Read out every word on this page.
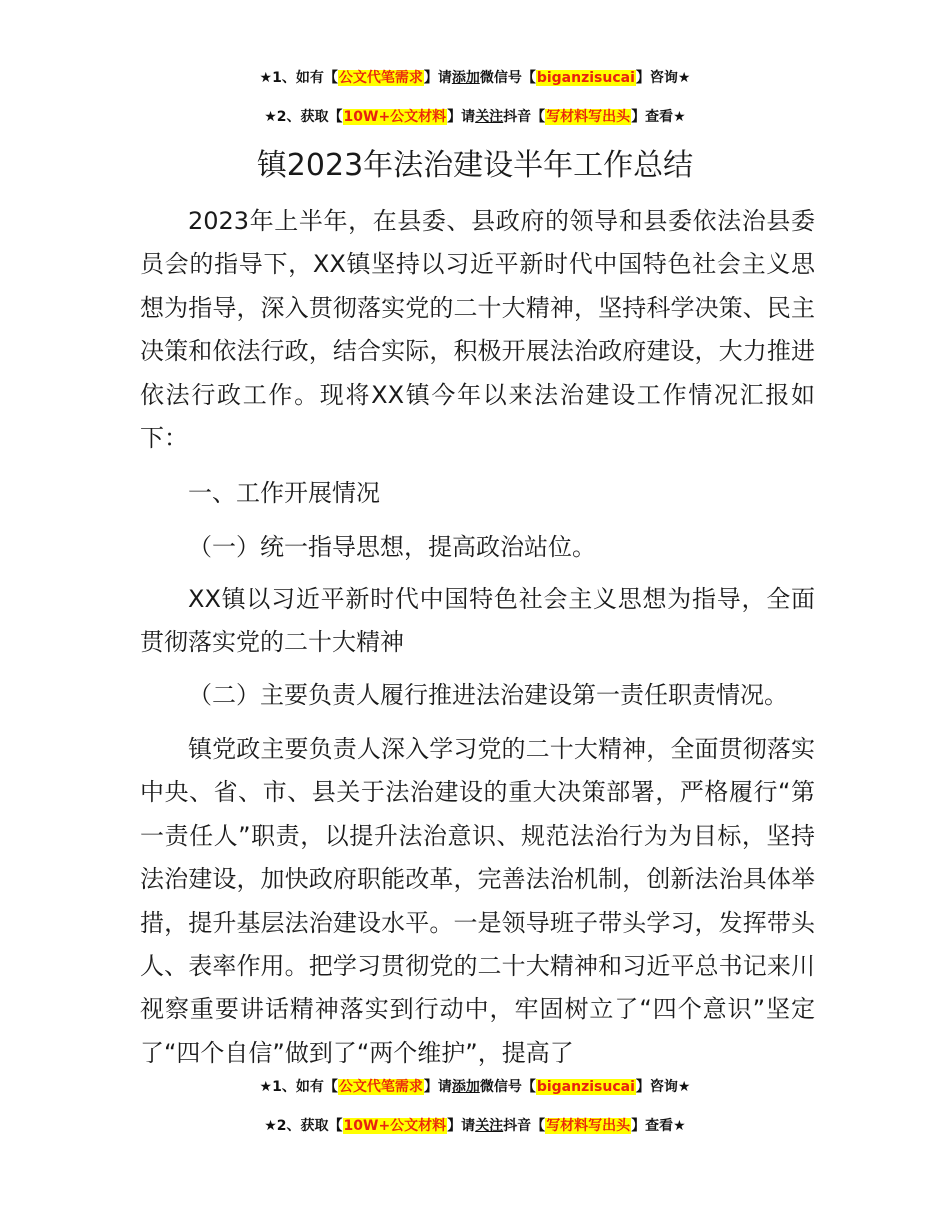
★1、如有【公文代笔需求】请添加微信号【biganzisucai】咨询★
★2、获取【10W+公文材料】请关注抖音【写材料写出头】查看★
镇2023年法治建设半年工作总结

2023年上半年，在县委、县政府的领导和县委依法治县委员会的指导下，XX镇坚持以习近平新时代中国特色社会主义思想为指导，深入贯彻落实党的二十大精神，坚持科学决策、民主决策和依法行政，结合实际，积极开展法治政府建设，大力推进依法行政工作。现将XX镇今年以来法治建设工作情况汇报如下：

一、工作开展情况

（一）统一指导思想，提高政治站位。

XX镇以习近平新时代中国特色社会主义思想为指导，全面贯彻落实党的二十大精神

（二）主要负责人履行推进法治建设第一责任职责情况。

镇党政主要负责人深入学习党的二十大精神，全面贯彻落实中央、省、市、县关于法治建设的重大决策部署，严格履行“第一责任人”职责，以提升法治意识、规范法治行为为目标，坚持法治建设，加快政府职能改革，完善法治机制，创新法治具体举措，提升基层法治建设水平。一是领导班子带头学习，发挥带头人、表率作用。把学习贯彻党的二十大精神和习近平总书记来川视察重要讲话精神落实到行动中，牢固树立了“四个意识”坚定了“四个自信”做到了“两个维护”，提高了

★1、如有【公文代笔需求】请添加微信号【biganzisucai】咨询★
★2、获取【10W+公文材料】请关注抖音【写材料写出头】查看★
